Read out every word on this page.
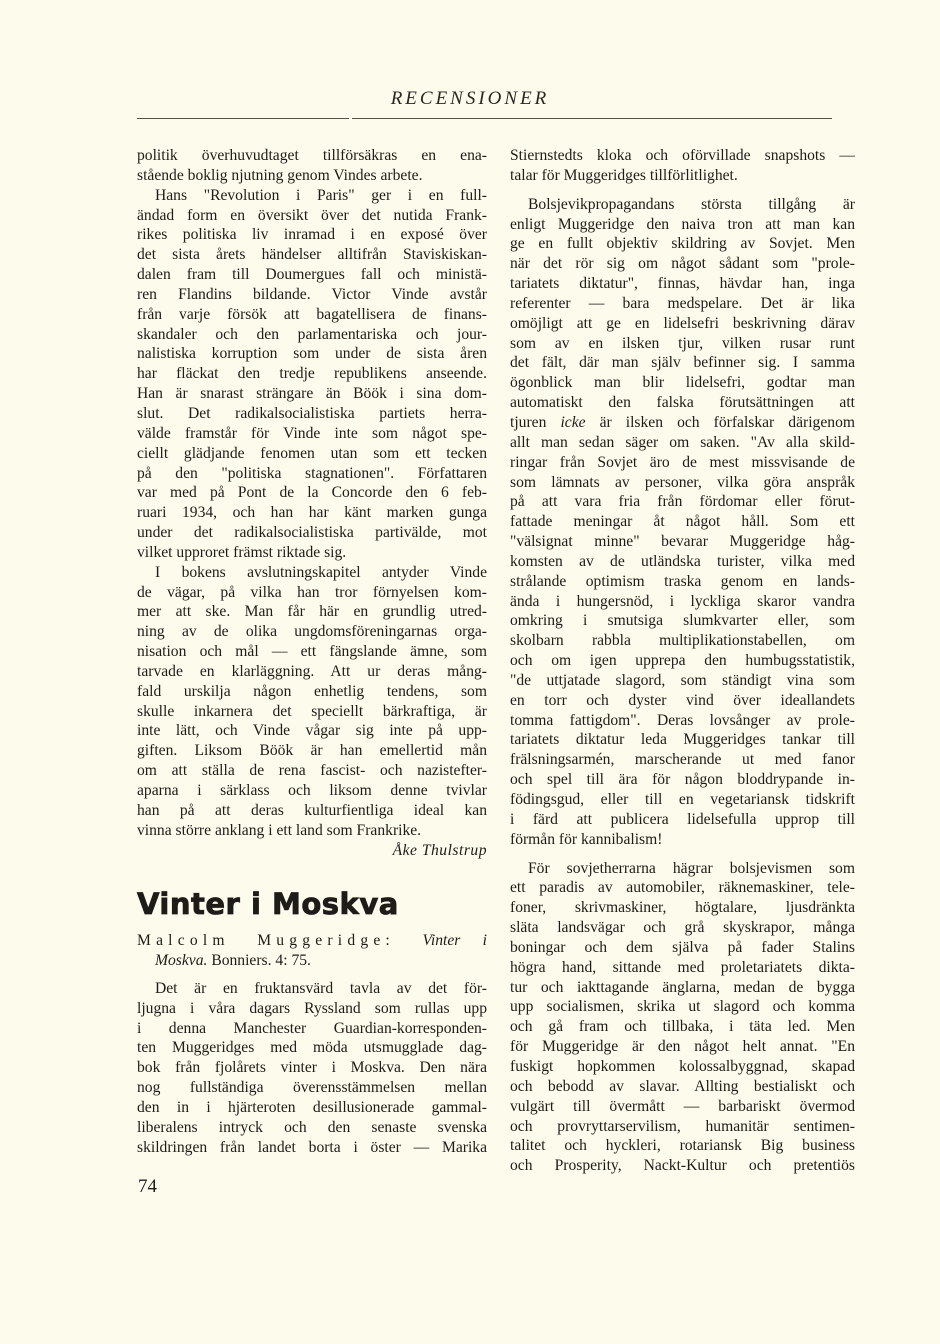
RECENSIONER

politik överhuvudtaget tillförsäkras en ena-
stående boklig njutning genom Vindes arbete.

Hans "Revolution i Paris" ger i en full-
ändad form en översikt över det nutida Frank-
rikes politiska liv inramad i en exposé över
det sista årets händelser alltifrån Staviskiskan-
dalen fram till Doumergues fall och ministä-
ren Flandins bildande. Victor Vinde avstår
från varje försök att bagatellisera de finans-
skandaler och den parlamentariska och jour-
nalistiska korruption som under de sista åren
har fläckat den tredje republikens anseende.
Han är snarast strängare än Böök i sina dom-
slut. Det radikalsocialistiska partiets herra-
välde framstår för Vinde inte som något spe-
ciellt glädjande fenomen utan som ett tecken
på den "politiska stagnationen". Författaren
var med på Pont de la Concorde den 6 feb-
ruari 1934, och han har känt marken gunga
under det radikalsocialistiska partivälde, mot
vilket upproret främst riktade sig.

I bokens avslutningskapitel antyder Vinde
de vägar, på vilka han tror förnyelsen kom-
mer att ske. Man får här en grundlig utred-
ning av de olika ungdomsföreningarnas orga-
nisation och mål — ett fängslande ämne, som
tarvade en klarläggning. Att ur deras mång-
fald urskilja någon enhetlig tendens, som
skulle inkarnera det speciellt bärkraftiga, är
inte lätt, och Vinde vågar sig inte på upp-
giften. Liksom Böök är han emellertid mån
om att ställa de rena fascist- och nazistefter-
aparna i särklass och liksom denne tvivlar
han på att deras kulturfientliga ideal kan
vinna större anklang i ett land som Frankrike.

Åke Thulstrup

Vinter i Moskva

Malcolm Muggeridge: Vinter i
Moskva. Bonniers. 4: 75.

Det är en fruktansvärd tavla av det för-
ljugna i våra dagars Ryssland som rullas upp
i denna Manchester Guardian-korresponden-
ten Muggeridges med möda utsmugglade dag-
bok från fjolårets vinter i Moskva. Den nära
nog fullständiga överensstämmelsen mellan
den in i hjärteroten desillusionerade gammal-
liberalens intryck och den senaste svenska
skildringen från landet borta i öster — Marika

Stiernstedts kloka och oförvillade snapshots —
talar för Muggeridges tillförlitlighet.

Bolsjevikpropagandans största tillgång är
enligt Muggeridge den naiva tron att man kan
ge en fullt objektiv skildring av Sovjet. Men
när det rör sig om något sådant som "prole-
tariatets diktatur", finnas, hävdar han, inga
referenter — bara medspelare. Det är lika
omöjligt att ge en lidelsefri beskrivning därav
som av en ilsken tjur, vilken rusar runt
det fält, där man själv befinner sig. I samma
ögonblick man blir lidelsefri, godtar man
automatiskt den falska förutsättningen att
tjuren icke är ilsken och förfalskar därigenom
allt man sedan säger om saken. "Av alla skild-
ringar från Sovjet äro de mest missvisande de
som lämnats av personer, vilka göra anspråk
på att vara fria från fördomar eller förut-
fattade meningar åt något håll. Som ett
"välsignat minne" bevarar Muggeridge håg-
komsten av de utländska turister, vilka med
strålande optimism traska genom en lands-
ända i hungersnöd, i lyckliga skaror vandra
omkring i smutsiga slumkvarter eller, som
skolbarn rabbla multiplikationstabellen, om
och om igen upprepa den humbugsstatistik,
"de uttjatade slagord, som ständigt vina som
en torr och dyster vind över ideallandets
tomma fattigdom". Deras lovsånger av prole-
tariatets diktatur leda Muggeridges tankar till
frälsningsarmén, marscherande ut med fanor
och spel till ära för någon bloddrypande in-
födingsgud, eller till en vegetariansk tidskrift
i färd att publicera lidelsefulla upprop till
förmån för kannibalism!

För sovjetherrarna hägrar bolsjevismen som
ett paradis av automobiler, räknemaskiner, tele-
foner, skrivmaskiner, högtalare, ljusdränkta
släta landsvägar och grå skyskrapor, många
boningar och dem själva på fader Stalins
högra hand, sittande med proletariatets dikta-
tur och iakttagande änglarna, medan de bygga
upp socialismen, skrika ut slagord och komma
och gå fram och tillbaka, i täta led. Men
för Muggeridge är den något helt annat. "En
fuskigt hopkommen kolossalbyggnad, skapad
och bebodd av slavar. Allting bestialiskt och
vulgärt till övermått — barbariskt övermod
och provryttarservilism, humanitär sentimen-
talitet och hyckleri, rotariansk Big business
och Prosperity, Nackt-Kultur och pretentiös

74
